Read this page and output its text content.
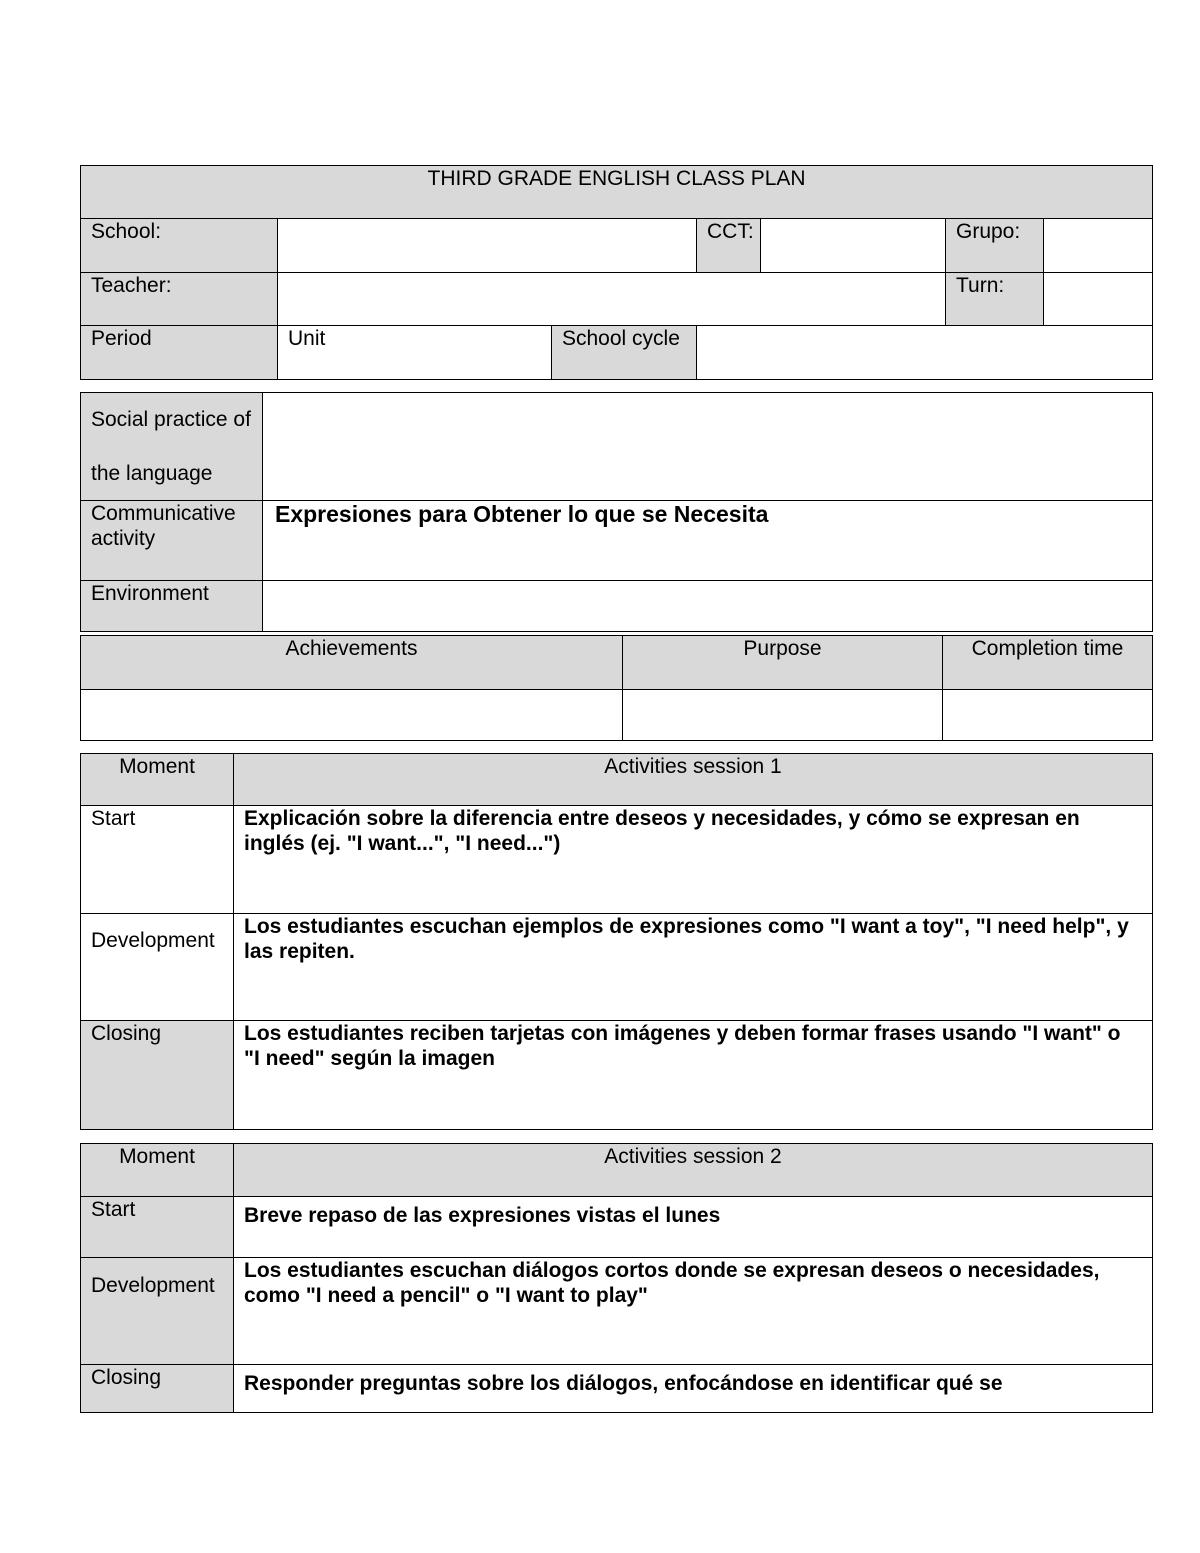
THIRD GRADE ENGLISH CLASS PLAN						
School:			CCT:		Grupo:	
Teacher:					Turn:	
Period	Unit	School cycle				
Social practice of the language	
Communicative activity	Expresiones para Obtener lo que se Necesita
Environment	
Achievements	Purpose	Completion time

Moment	Activities session 1
Start	Explicación sobre la diferencia entre deseos y necesidades, y cómo se expresan en inglés (ej. "I want...", "I need...")
Development	Los estudiantes escuchan ejemplos de expresiones como "I want a toy", "I need help", y las repiten.
Closing	Los estudiantes reciben tarjetas con imágenes y deben formar frases usando "I want" o "I need" según la imagen
Moment	Activities session 2
Start	Breve repaso de las expresiones vistas el lunes
Development	Los estudiantes escuchan diálogos cortos donde se expresan deseos o necesidades, como "I need a pencil" o "I want to play"
Closing	Responder preguntas sobre los diálogos, enfocándose en identificar qué se
